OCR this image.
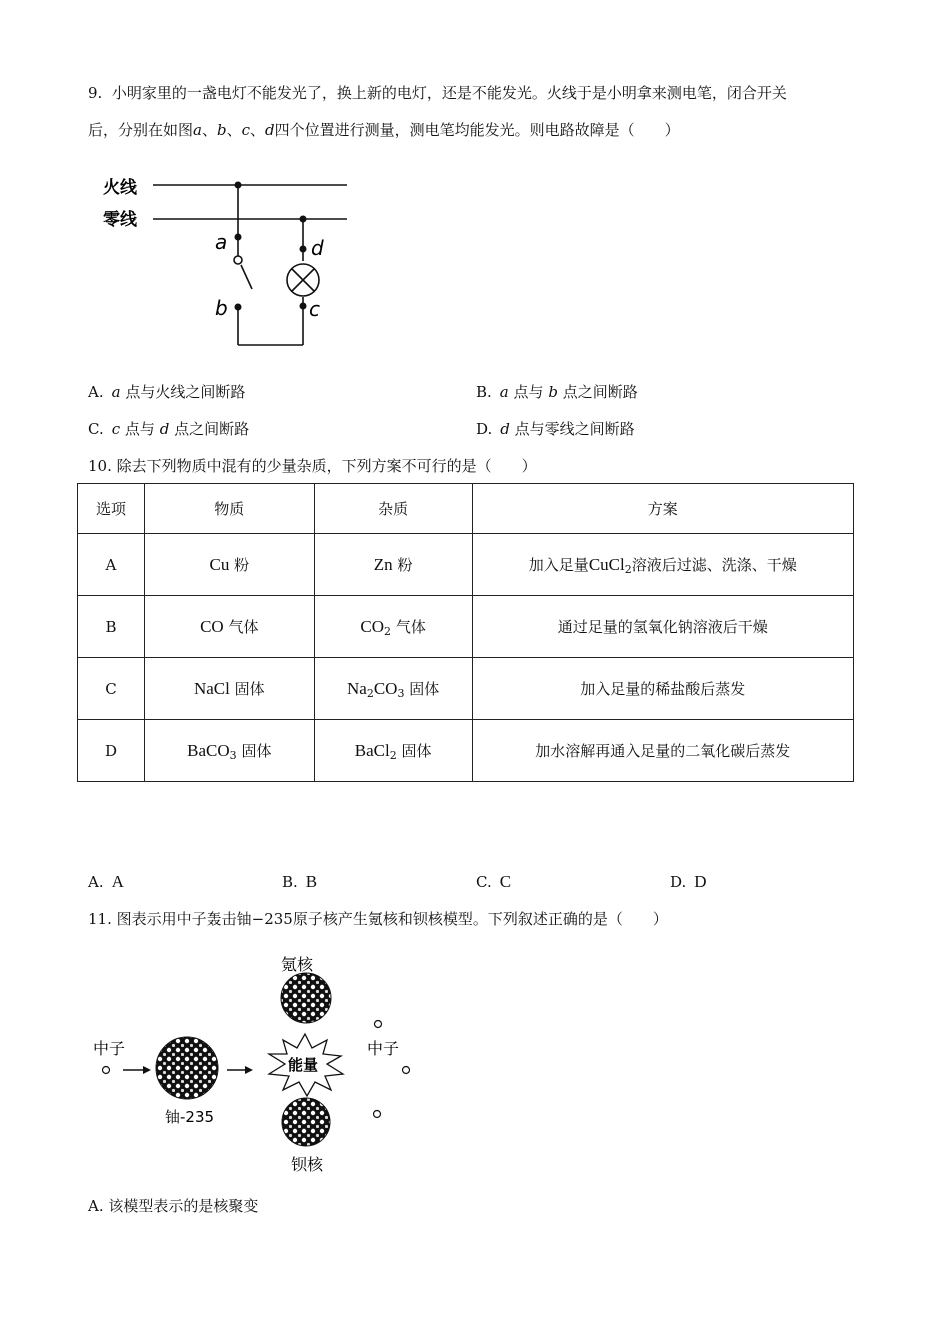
9. 小明家里的一盏电灯不能发光了，换上新的电灯，还是不能发光。火线于是小明拿来测电笔，闭合开关
后，分别在如图a、b、c、d四个位置进行测量，测电笔均能发光。则电路故障是（　　）
火线
零线
a
b	c
d
A. a 点与火线之间断路	B. a 点与 b 点之间断路
C. c 点与 d 点之间断路	D. d 点与零线之间断路
10. 除去下列物质中混有的少量杂质，下列方案不可行的是（　　）
选项	物质	杂质	方案
A	Cu 粉	Zn 粉	加入足量CuCl$_2$溶液后过滤、洗涤、干燥
B	CO 气体	$CO_2$ 气体	通过足量的氢氧化钠溶液后干燥
C	NaCl 固体	$Na_2CO_3$ 固体	加入足量的稀盐酸后蒸发
D	BaCO$_3$ 固体	BaCl$_2$ 固体	加水溶解再通入足量的二氧化碳后蒸发
A. A	B. B	C. C	D. D
11. 图表示用中子轰击铀−235原子核产生氪核和钡核模型。下列叙述正确的是（　　）
氪核
中子
铀-235
能量
中子
钡核
A. 该模型表示的是核聚变
